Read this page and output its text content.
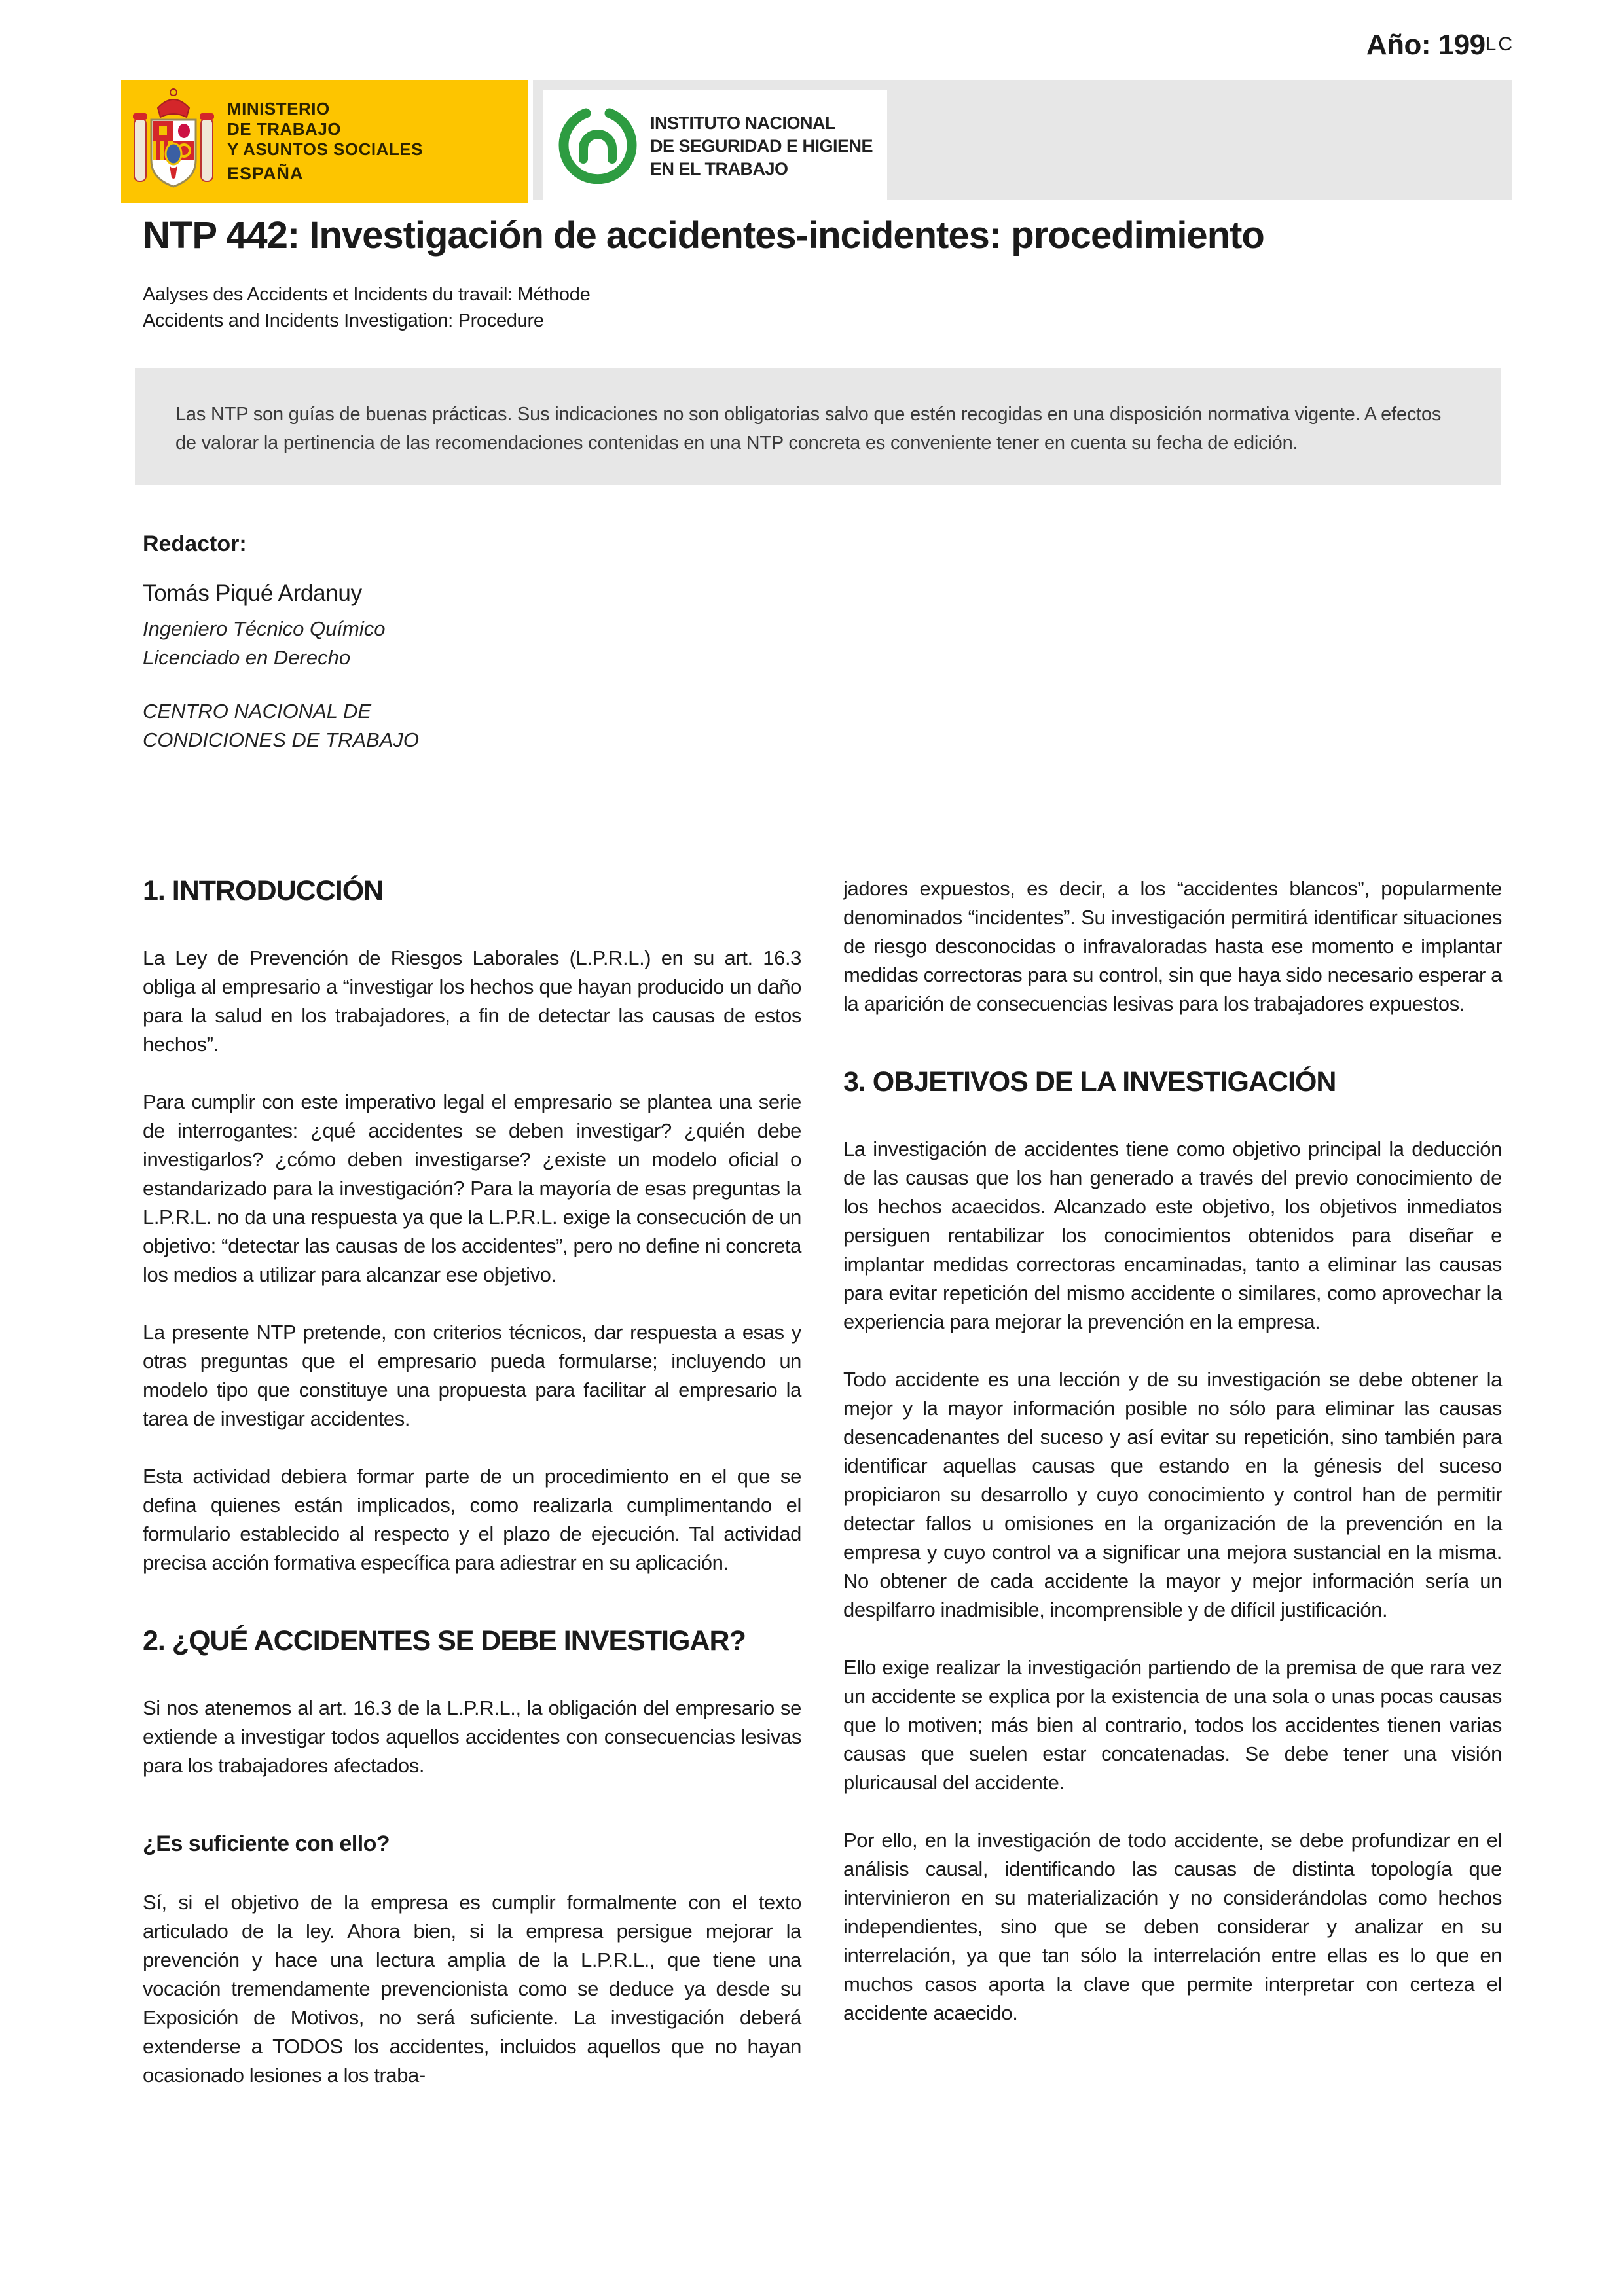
Año: 199LC
MINISTERIO
DE TRABAJO
Y ASUNTOS SOCIALES
ESPAÑA
INSTITUTO NACIONAL
DE SEGURIDAD E HIGIENE
EN EL TRABAJO
NTP 442: Investigación de accidentes-incidentes: procedimiento
Aalyses des Accidents et Incidents du travail: Méthode
Accidents and Incidents Investigation: Procedure
Las NTP son guías de buenas prácticas. Sus indicaciones no son obligatorias salvo que estén recogidas en una disposición normativa vigente. A efectos de valorar la pertinencia de las recomendaciones contenidas en una NTP concreta es conveniente tener en cuenta su fecha de edición.
Redactor:
Tomás Piqué Ardanuy
Ingeniero Técnico Químico
Licenciado en Derecho
CENTRO NACIONAL DE
CONDICIONES DE TRABAJO
1. INTRODUCCIÓN

La Ley de Prevención de Riesgos Laborales (L.P.R.L.) en su art. 16.3 obliga al empresario a “investigar los hechos que hayan producido un daño para la salud en los trabajadores, a fin de detectar las causas de estos hechos”.

Para cumplir con este imperativo legal el empresario se plantea una serie de interrogantes: ¿qué accidentes se deben investigar? ¿quién debe investigarlos? ¿cómo deben investigarse? ¿existe un modelo oficial o estandarizado para la investigación? Para la mayoría de esas preguntas la L.P.R.L. no da una respuesta ya que la L.P.R.L. exige la consecución de un objetivo: “detectar las causas de los accidentes”, pero no define ni concreta los medios a utilizar para alcanzar ese objetivo.

La presente NTP pretende, con criterios técnicos, dar respuesta a esas y otras preguntas que el empresario pueda formularse; incluyendo un modelo tipo que constituye una propuesta para facilitar al empresario la tarea de investigar accidentes.

Esta actividad debiera formar parte de un procedimiento en el que se defina quienes están implicados, como realizarla cumplimentando el formulario establecido al respecto y el plazo de ejecución. Tal actividad precisa acción formativa específica para adiestrar en su aplicación.

2. ¿QUÉ ACCIDENTES SE DEBE INVESTIGAR?

Si nos atenemos al art. 16.3 de la L.P.R.L., la obligación del empresario se extiende a investigar todos aquellos accidentes con consecuencias lesivas para los trabajadores afectados.

¿Es suficiente con ello?

Sí, si el objetivo de la empresa es cumplir formalmente con el texto articulado de la ley. Ahora bien, si la empresa persigue mejorar la prevención y hace una lectura amplia de la L.P.R.L., que tiene una vocación tremendamente prevencionista como se deduce ya desde su Exposición de Motivos, no será suficiente. La investigación deberá extenderse a TODOS los accidentes, incluidos aquellos que no hayan ocasionado lesiones a los traba-

jadores expuestos, es decir, a los “accidentes blancos”, popularmente denominados “incidentes”. Su investigación permitirá identificar situaciones de riesgo desconocidas o infravaloradas hasta ese momento e implantar medidas correctoras para su control, sin que haya sido necesario esperar a la aparición de consecuencias lesivas para los trabajadores expuestos.

3. OBJETIVOS DE LA INVESTIGACIÓN

La investigación de accidentes tiene como objetivo principal la deducción de las causas que los han generado a través del previo conocimiento de los hechos acaecidos. Alcanzado este objetivo, los objetivos inmediatos persiguen rentabilizar los conocimientos obtenidos para diseñar e implantar medidas correctoras encaminadas, tanto a eliminar las causas para evitar repetición del mismo accidente o similares, como aprovechar la experiencia para mejorar la prevención en la empresa.

Todo accidente es una lección y de su investigación se debe obtener la mejor y la mayor información posible no sólo para eliminar las causas desencadenantes del suceso y así evitar su repetición, sino también para identificar aquellas causas que estando en la génesis del suceso propiciaron su desarrollo y cuyo conocimiento y control han de permitir detectar fallos u omisiones en la organización de la prevención en la empresa y cuyo control va a significar una mejora sustancial en la misma. No obtener de cada accidente la mayor y mejor información sería un despilfarro inadmisible, incomprensible y de difícil justificación.

Ello exige realizar la investigación partiendo de la premisa de que rara vez un accidente se explica por la existencia de una sola o unas pocas causas que lo motiven; más bien al contrario, todos los accidentes tienen varias causas que suelen estar concatenadas. Se debe tener una visión pluricausal del accidente.

Por ello, en la investigación de todo accidente, se debe profundizar en el análisis causal, identificando las causas de distinta topología que intervinieron en su materialización y no considerándolas como hechos independientes, sino que se deben considerar y analizar en su interrelación, ya que tan sólo la interrelación entre ellas es lo que en muchos casos aporta la clave que permite interpretar con certeza el accidente acaecido.
